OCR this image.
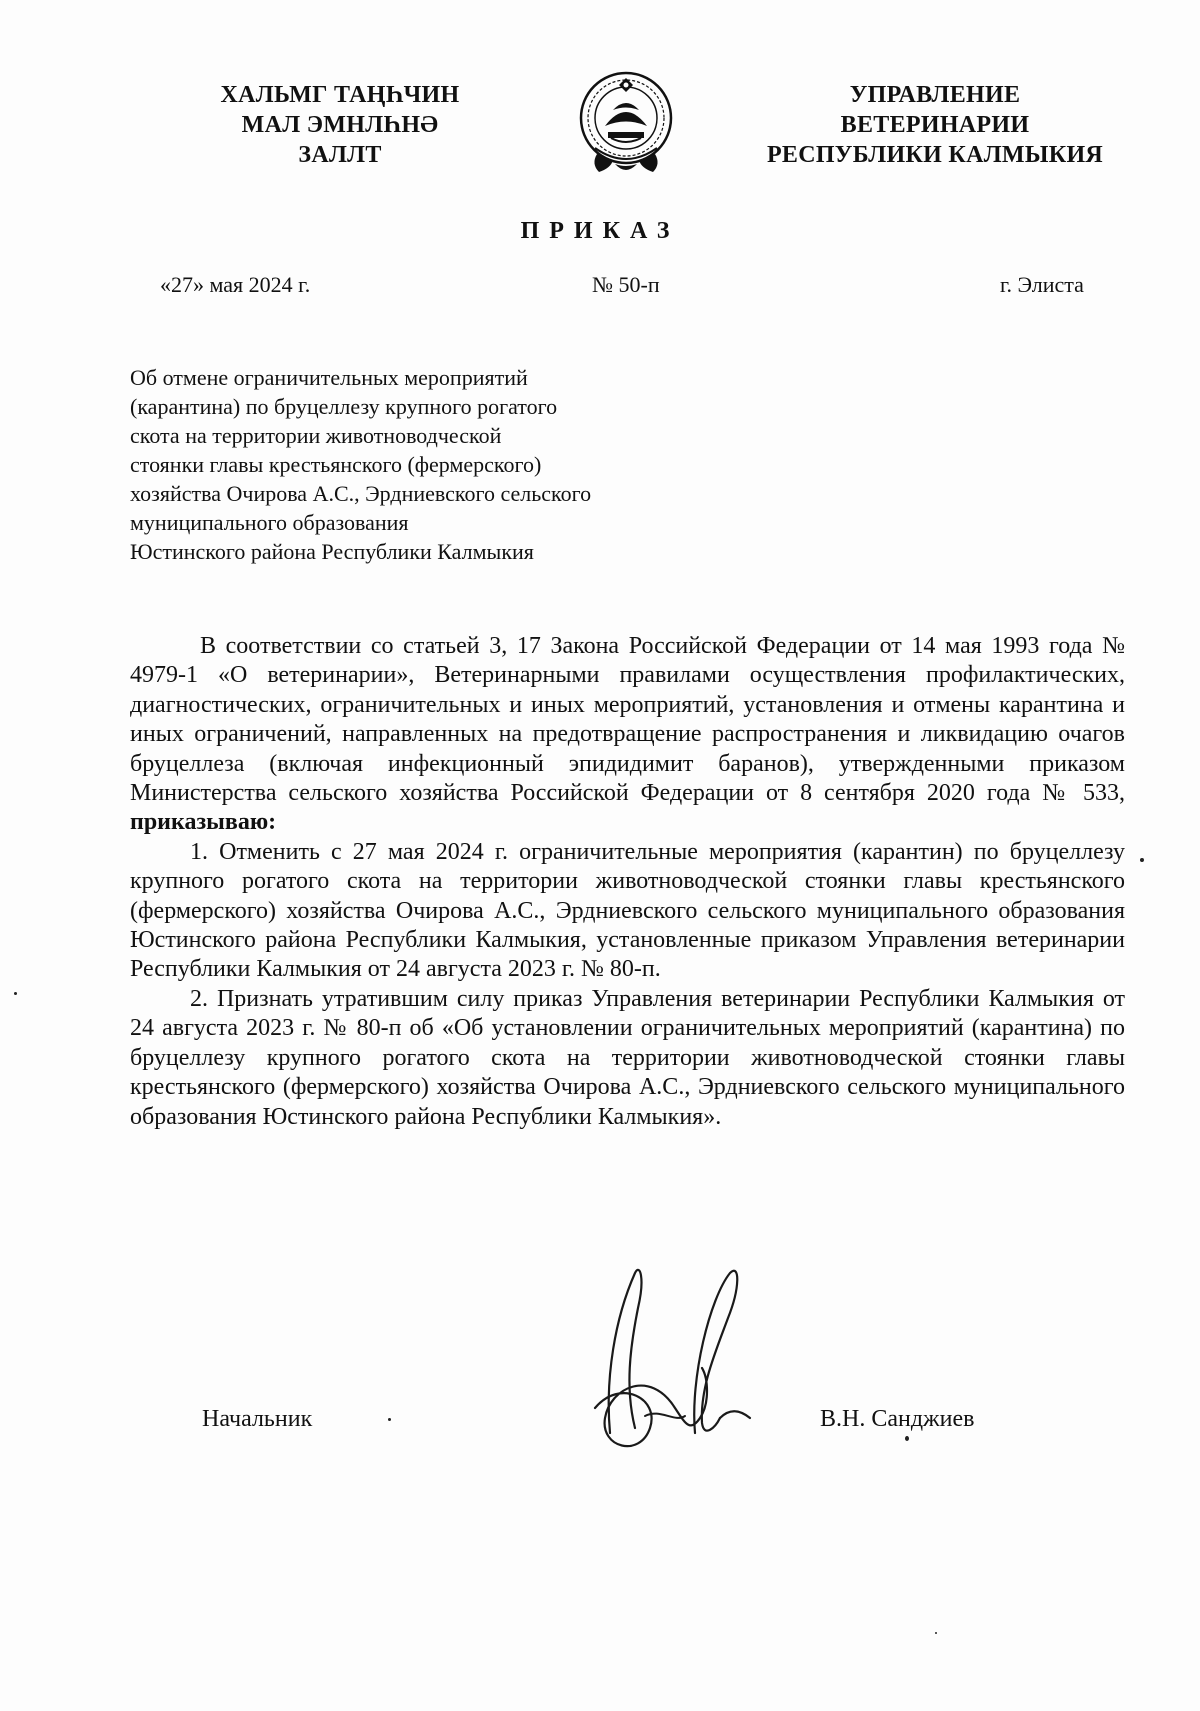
ХАЛЬМГ ТАҢҺЧИН
МАЛ ЭМНЛҺНӘ
ЗАЛЛТ
УПРАВЛЕНИЕ
ВЕТЕРИНАРИИ
РЕСПУБЛИКИ КАЛМЫКИЯ
ПРИКАЗ
«27» мая 2024 г.	№ 50-п	г. Элиста
Об отмене ограничительных мероприятий
(карантина) по бруцеллезу крупного рогатого
скота на территории животноводческой
стоянки главы крестьянского (фермерского)
хозяйства Очирова А.С., Эрдниевского сельского
муниципального образования
Юстинского района Республики Калмыкия

В соответствии со статьей 3, 17 Закона Российской Федерации от 14 мая 1993 года № 4979-1 «О ветеринарии», Ветеринарными правилами осуществления профилактических, диагностических, ограничительных и иных мероприятий, установления и отмены карантина и иных ограничений, направленных на предотвращение распространения и ликвидацию очагов бруцеллеза (включая инфекционный эпидидимит баранов), утвержденными приказом Министерства сельского хозяйства Российской Федерации от 8 сентября 2020 года № 533, приказываю:

1. Отменить с 27 мая 2024 г. ограничительные мероприятия (карантин) по бруцеллезу крупного рогатого скота на территории животноводческой стоянки главы крестьянского (фермерского) хозяйства Очирова А.С., Эрдниевского сельского муниципального образования Юстинского района Республики Калмыкия, установленные приказом Управления ветеринарии Республики Калмыкия от 24 августа 2023 г. № 80-п.

2. Признать утратившим силу приказ Управления ветеринарии Республики Калмыкия от 24 августа 2023 г. № 80-п об «Об установлении ограничительных мероприятий (карантина) по бруцеллезу крупного рогатого скота на территории животноводческой стоянки главы крестьянского (фермерского) хозяйства Очирова А.С., Эрдниевского сельского муниципального образования Юстинского района Республики Калмыкия».

Начальник	В.Н. Санджиев
